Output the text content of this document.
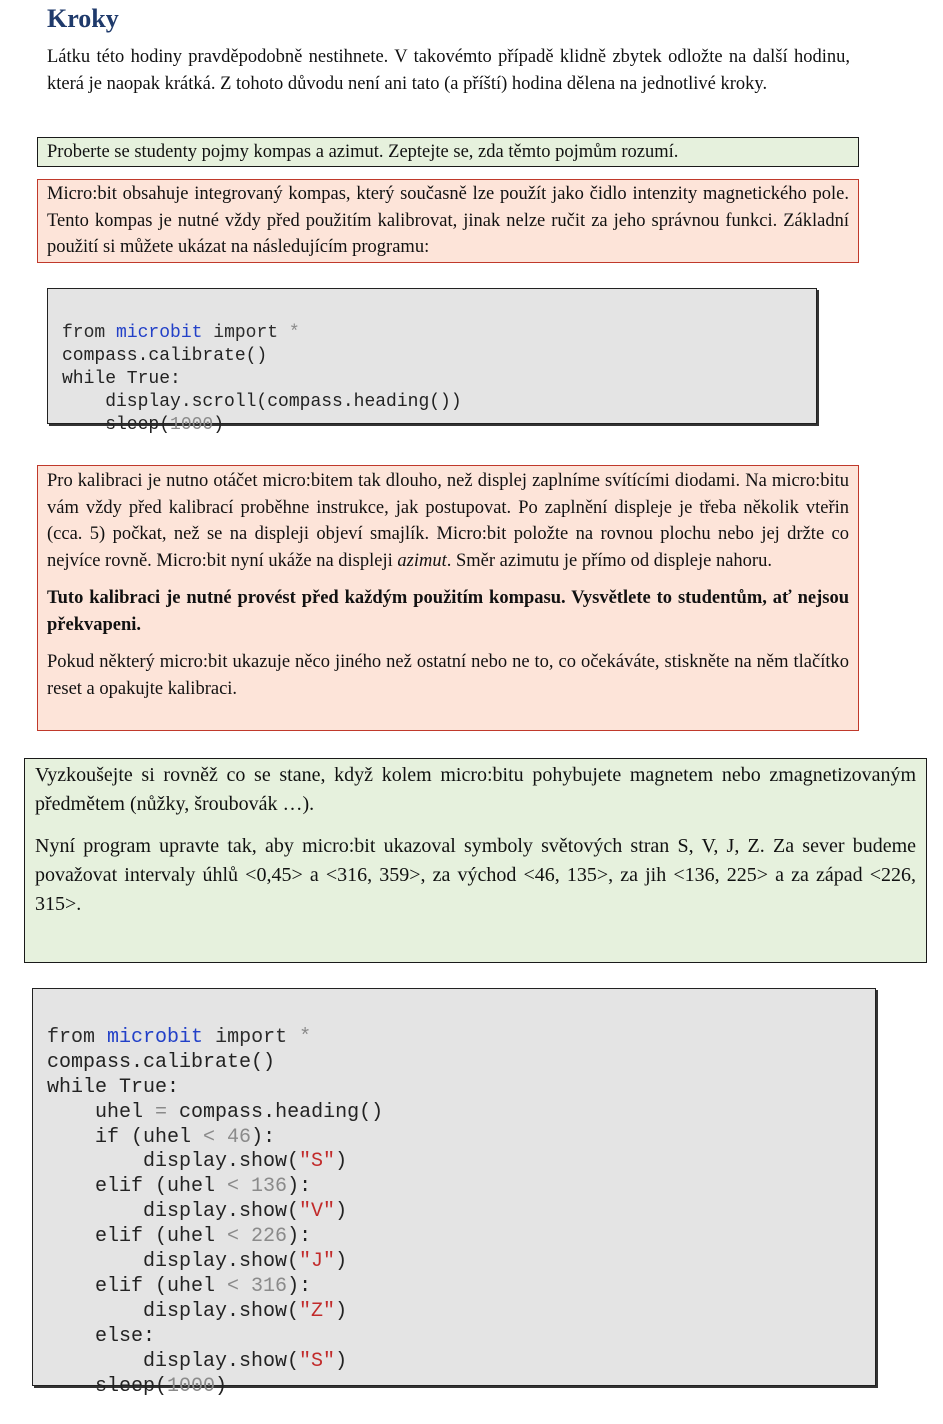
Kroky

Látku této hodiny pravděpodobně nestihnete. V takovémto případě klidně zbytek odložte na další hodinu, která je naopak krátká. Z tohoto důvodu není ani tato (a příští) hodina dělena na jednotlivé kroky.

Proberte se studenty pojmy kompas a azimut. Zeptejte se, zda těmto pojmům rozumí.

Micro:bit obsahuje integrovaný kompas, který současně lze použít jako čidlo intenzity magnetického pole. Tento kompas je nutné vždy před použitím kalibrovat, jinak nelze ručit za jeho správnou funkci. Základní použití si můžete ukázat na následujícím programu:

from microbit import *
compass.calibrate()
while True:
display.scroll(compass.heading())
sleep(1000)

Pro kalibraci je nutno otáčet micro:bitem tak dlouho, než displej zaplníme svítícími diodami. Na micro:bitu vám vždy před kalibrací proběhne instrukce, jak postupovat. Po zaplnění displeje je třeba několik vteřin (cca. 5) počkat, než se na displeji objeví smajlík. Micro:bit položte na rovnou plochu nebo jej držte co nejvíce rovně. Micro:bit nyní ukáže na displeji azimut. Směr azimutu je přímo od displeje nahoru.

Tuto kalibraci je nutné provést před každým použitím kompasu. Vysvětlete to studentům, ať nejsou překvapeni.

Pokud některý micro:bit ukazuje něco jiného než ostatní nebo ne to, co očekáváte, stiskněte na něm tlačítko reset a opakujte kalibraci.

Vyzkoušejte si rovněž co se stane, když kolem micro:bitu pohybujete magnetem nebo zmagnetizovaným předmětem (nůžky, šroubovák …).

Nyní program upravte tak, aby micro:bit ukazoval symboly světových stran S, V, J, Z. Za sever budeme považovat intervaly úhlů <0,45> a <316, 359>, za východ <46, 135>, za jih <136, 225> a za západ <226, 315>.

from microbit import *
compass.calibrate()
while True:
uhel = compass.heading()
if (uhel < 46):
display.show("S")
elif (uhel < 136):
display.show("V")
elif (uhel < 226):
display.show("J")
elif (uhel < 316):
display.show("Z")
else:
display.show("S")
sleep(1000)
